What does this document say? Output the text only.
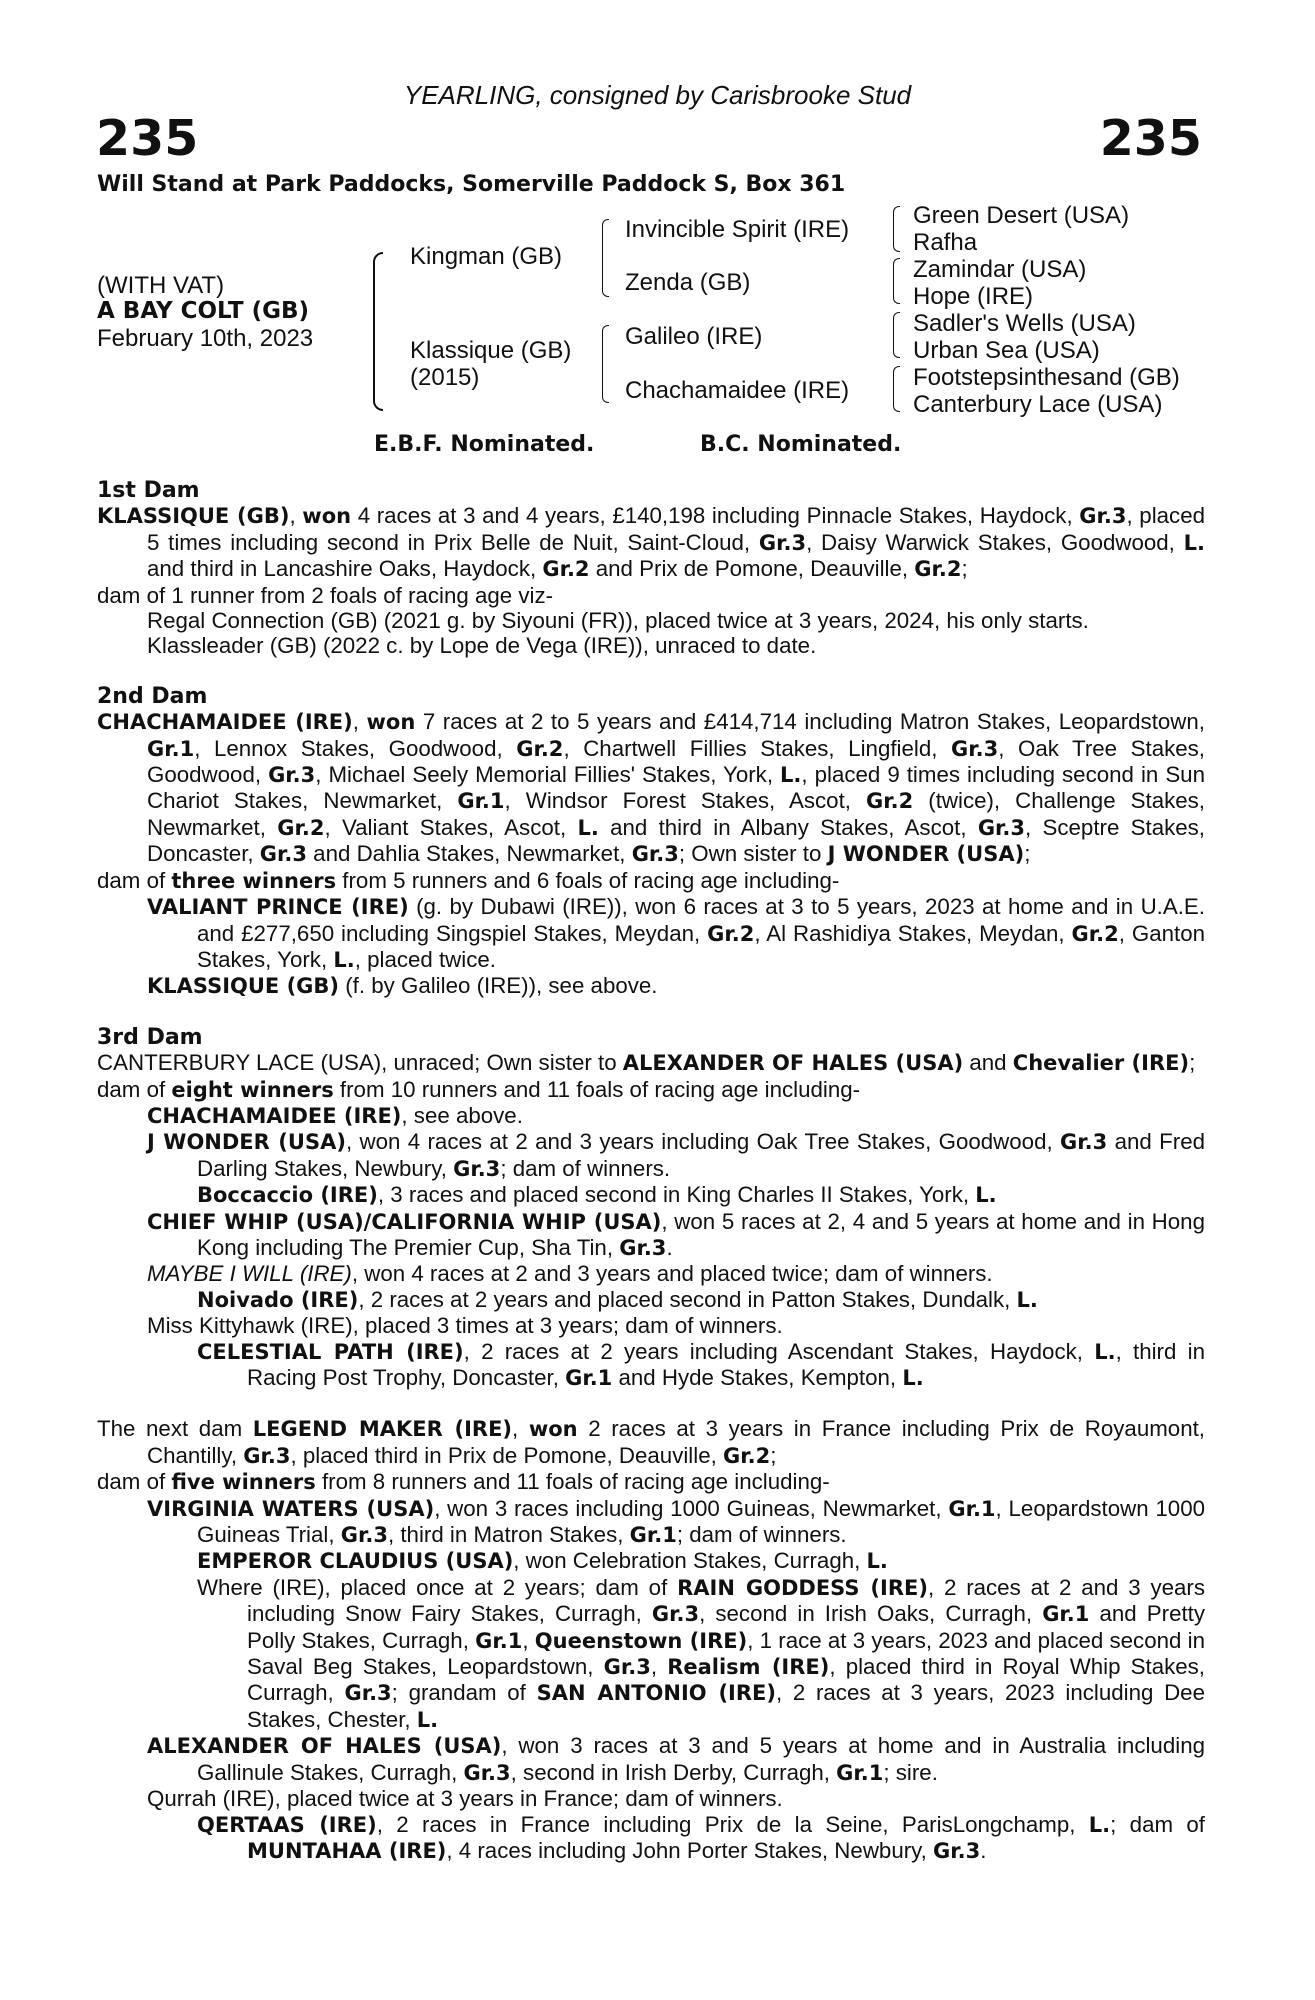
YEARLING, consigned by Carisbrooke Stud
235	235
Will Stand at Park Paddocks, Somerville Paddock S, Box 361
(WITH VAT)
A BAY COLT (GB)
February 10th, 2023
Kingman (GB)
Klassique (GB)
(2015)
Invincible Spirit (IRE)
Zenda (GB)
Galileo (IRE)
Chachamaidee (IRE)
Green Desert (USA)
Rafha
Zamindar (USA)
Hope (IRE)
Sadler's Wells (USA)
Urban Sea (USA)
Footstepsinthesand (GB)
Canterbury Lace (USA)
E.B.F. Nominated.	B.C. Nominated.

1st Dam

KLASSIQUE (GB), won 4 races at 3 and 4 years, £140,198 including Pinnacle Stakes, Haydock, Gr.3, placed 5 times including second in Prix Belle de Nuit, Saint-Cloud, Gr.3, Daisy Warwick Stakes, Goodwood, L. and third in Lancashire Oaks, Haydock, Gr.2 and Prix de Pomone, Deauville, Gr.2;

dam of 1 runner from 2 foals of racing age viz-

Regal Connection (GB) (2021 g. by Siyouni (FR)), placed twice at 3 years, 2024, his only starts.

Klassleader (GB) (2022 c. by Lope de Vega (IRE)), unraced to date.

2nd Dam

CHACHAMAIDEE (IRE), won 7 races at 2 to 5 years and £414,714 including Matron Stakes, Leopardstown, Gr.1, Lennox Stakes, Goodwood, Gr.2, Chartwell Fillies Stakes, Lingfield, Gr.3, Oak Tree Stakes, Goodwood, Gr.3, Michael Seely Memorial Fillies' Stakes, York, L., placed 9 times including second in Sun Chariot Stakes, Newmarket, Gr.1, Windsor Forest Stakes, Ascot, Gr.2 (twice), Challenge Stakes, Newmarket, Gr.2, Valiant Stakes, Ascot, L. and third in Albany Stakes, Ascot, Gr.3, Sceptre Stakes, Doncaster, Gr.3 and Dahlia Stakes, Newmarket, Gr.3; Own sister to J WONDER (USA);

dam of three winners from 5 runners and 6 foals of racing age including-

VALIANT PRINCE (IRE) (g. by Dubawi (IRE)), won 6 races at 3 to 5 years, 2023 at home and in U.A.E. and £277,650 including Singspiel Stakes, Meydan, Gr.2, Al Rashidiya Stakes, Meydan, Gr.2, Ganton Stakes, York, L., placed twice.

KLASSIQUE (GB) (f. by Galileo (IRE)), see above.

3rd Dam

CANTERBURY LACE (USA), unraced; Own sister to ALEXANDER OF HALES (USA) and Chevalier (IRE);

dam of eight winners from 10 runners and 11 foals of racing age including-

CHACHAMAIDEE (IRE), see above.

J WONDER (USA), won 4 races at 2 and 3 years including Oak Tree Stakes, Goodwood, Gr.3 and Fred Darling Stakes, Newbury, Gr.3; dam of winners.

Boccaccio (IRE), 3 races and placed second in King Charles II Stakes, York, L.

CHIEF WHIP (USA)/CALIFORNIA WHIP (USA), won 5 races at 2, 4 and 5 years at home and in Hong Kong including The Premier Cup, Sha Tin, Gr.3.

MAYBE I WILL (IRE), won 4 races at 2 and 3 years and placed twice; dam of winners.

Noivado (IRE), 2 races at 2 years and placed second in Patton Stakes, Dundalk, L.

Miss Kittyhawk (IRE), placed 3 times at 3 years; dam of winners.

CELESTIAL PATH (IRE), 2 races at 2 years including Ascendant Stakes, Haydock, L., third in Racing Post Trophy, Doncaster, Gr.1 and Hyde Stakes, Kempton, L.

The next dam LEGEND MAKER (IRE), won 2 races at 3 years in France including Prix de Royaumont, Chantilly, Gr.3, placed third in Prix de Pomone, Deauville, Gr.2;

dam of five winners from 8 runners and 11 foals of racing age including-

VIRGINIA WATERS (USA), won 3 races including 1000 Guineas, Newmarket, Gr.1, Leopardstown 1000 Guineas Trial, Gr.3, third in Matron Stakes, Gr.1; dam of winners.

EMPEROR CLAUDIUS (USA), won Celebration Stakes, Curragh, L.

Where (IRE), placed once at 2 years; dam of RAIN GODDESS (IRE), 2 races at 2 and 3 years including Snow Fairy Stakes, Curragh, Gr.3, second in Irish Oaks, Curragh, Gr.1 and Pretty Polly Stakes, Curragh, Gr.1, Queenstown (IRE), 1 race at 3 years, 2023 and placed second in Saval Beg Stakes, Leopardstown, Gr.3, Realism (IRE), placed third in Royal Whip Stakes, Curragh, Gr.3; grandam of SAN ANTONIO (IRE), 2 races at 3 years, 2023 including Dee Stakes, Chester, L.

ALEXANDER OF HALES (USA), won 3 races at 3 and 5 years at home and in Australia including Gallinule Stakes, Curragh, Gr.3, second in Irish Derby, Curragh, Gr.1; sire.

Qurrah (IRE), placed twice at 3 years in France; dam of winners.

QERTAAS (IRE), 2 races in France including Prix de la Seine, ParisLongchamp, L.; dam of MUNTAHAA (IRE), 4 races including John Porter Stakes, Newbury, Gr.3.
